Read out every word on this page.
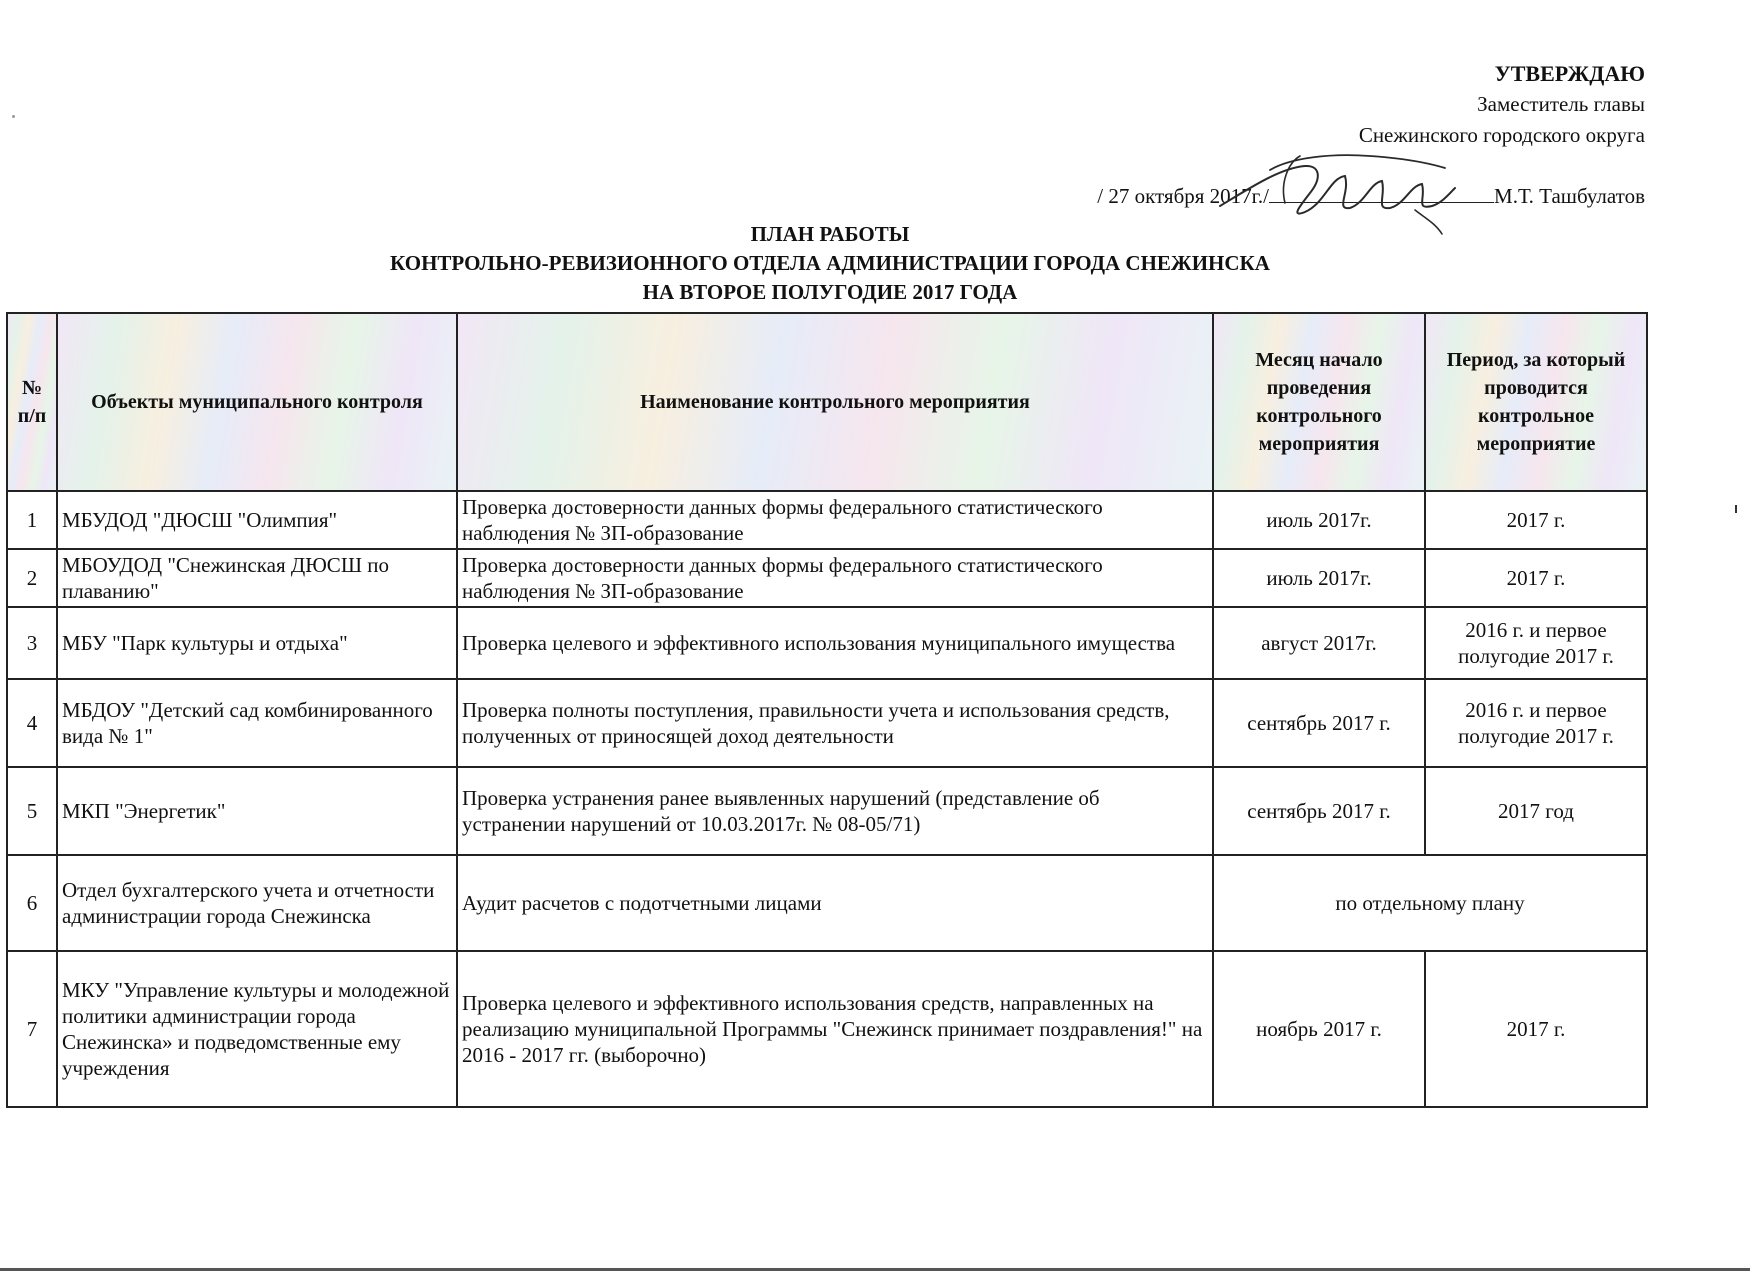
УТВЕРЖДАЮ
Заместитель главы
Снежинского городского округа
/ 27 октября 2017г./	М.Т. Ташбулатов
ПЛАН РАБОТЫ
КОНТРОЛЬНО-РЕВИЗИОННОГО ОТДЕЛА АДМИНИСТРАЦИИ ГОРОДА СНЕЖИНСКА
НА ВТОРОЕ ПОЛУГОДИЕ 2017 ГОДА
№ п/п	Объекты муниципального контроля	Наименование контрольного мероприятия	Месяц начало проведения контрольного мероприятия	Период, за который проводится контрольное мероприятие
1	МБУДОД "ДЮСШ "Олимпия"	Проверка достоверности данных формы федерального статистического наблюдения № ЗП-образование	июль 2017г.	2017 г.
2	МБОУДОД "Снежинская ДЮСШ по плаванию"	Проверка достоверности данных формы федерального статистического наблюдения № ЗП-образование	июль 2017г.	2017 г.
3	МБУ "Парк культуры и отдыха"	Проверка целевого и эффективного использования муниципального имущества	август 2017г.	2016 г. и первое полугодие 2017 г.
4	МБДОУ "Детский сад комбинированного вида № 1"	Проверка полноты поступления, правильности учета и использования средств, полученных от приносящей доход деятельности	сентябрь 2017 г.	2016 г. и первое полугодие 2017 г.
5	МКП "Энергетик"	Проверка устранения ранее выявленных нарушений (представление об устранении нарушений от 10.03.2017г. № 08-05/71)	сентябрь 2017 г.	2017 год
6	Отдел бухгалтерского учета и отчетности администрации города Снежинска	Аудит расчетов с подотчетными лицами	по отдельному плану	
7	МКУ "Управление культуры и молодежной политики администрации города Снежинска» и подведомственные ему учреждения	Проверка целевого и эффективного использования средств, направленных на реализацию муниципальной Программы "Снежинск принимает поздравления!" на 2016 - 2017 гг. (выборочно)	ноябрь 2017 г.	2017 г.
